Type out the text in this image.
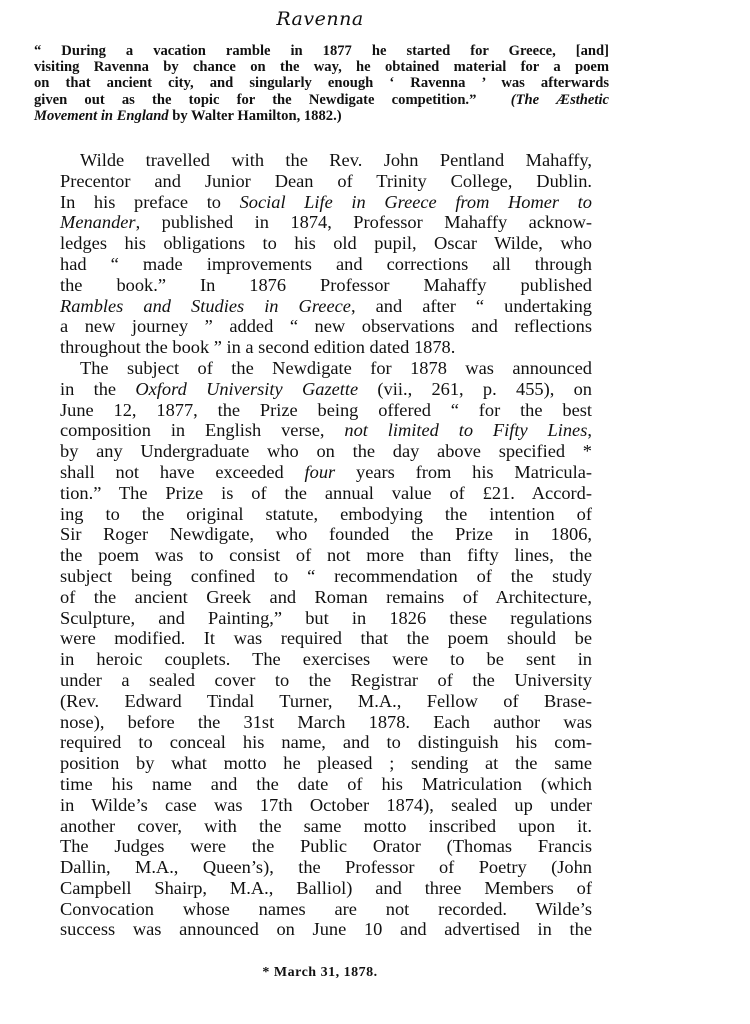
Ravenna
“ During a vacation ramble in 1877 he started for Greece, [and]
visiting Ravenna by chance on the way, he obtained material for a poem
on that ancient city, and singularly enough ‘ Ravenna ’ was afterwards
given out as the topic for the Newdigate competition.” (The Æsthetic
Movement in England by Walter Hamilton, 1882.)
Wilde travelled with the Rev. John Pentland Mahaffy,
Precentor and Junior Dean of Trinity College, Dublin.
In his preface to Social Life in Greece from Homer to
Menander, published in 1874, Professor Mahaffy acknow-
ledges his obligations to his old pupil, Oscar Wilde, who
had “ made improvements and corrections all through
the book.” In 1876 Professor Mahaffy published
Rambles and Studies in Greece, and after “ undertaking
a new journey ” added “ new observations and reflections
throughout the book ” in a second edition dated 1878.
The subject of the Newdigate for 1878 was announced
in the Oxford University Gazette (vii., 261, p. 455), on
June 12, 1877, the Prize being offered “ for the best
composition in English verse, not limited to Fifty Lines,
by any Undergraduate who on the day above specified *
shall not have exceeded four years from his Matricula-
tion.” The Prize is of the annual value of £21. Accord-
ing to the original statute, embodying the intention of
Sir Roger Newdigate, who founded the Prize in 1806,
the poem was to consist of not more than fifty lines, the
subject being confined to “ recommendation of the study
of the ancient Greek and Roman remains of Architecture,
Sculpture, and Painting,” but in 1826 these regulations
were modified. It was required that the poem should be
in heroic couplets. The exercises were to be sent in
under a sealed cover to the Registrar of the University
(Rev. Edward Tindal Turner, M.A., Fellow of Brase-
nose), before the 31st March 1878. Each author was
required to conceal his name, and to distinguish his com-
position by what motto he pleased ; sending at the same
time his name and the date of his Matriculation (which
in Wilde’s case was 17th October 1874), sealed up under
another cover, with the same motto inscribed upon it.
The Judges were the Public Orator (Thomas Francis
Dallin, M.A., Queen’s), the Professor of Poetry (John
Campbell Shairp, M.A., Balliol) and three Members of
Convocation whose names are not recorded. Wilde’s
success was announced on June 10 and advertised in the
* March 31, 1878.
